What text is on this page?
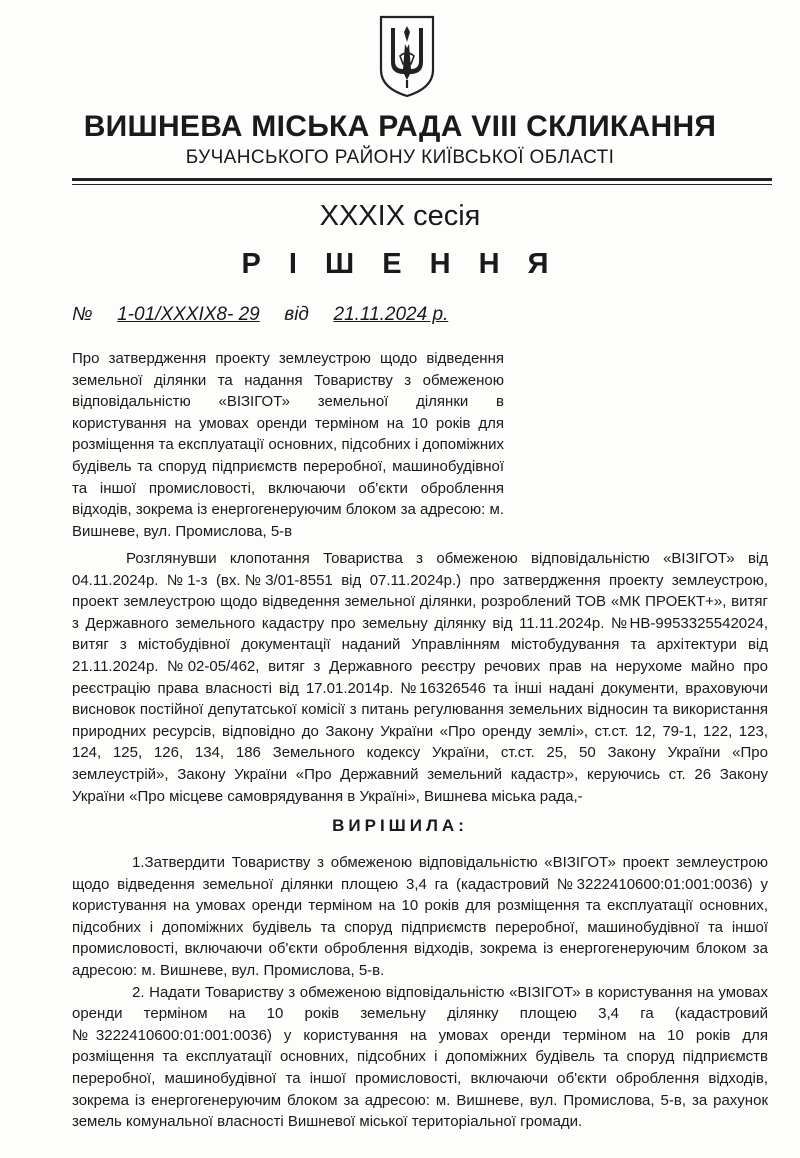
ВИШНЕВА МІСЬКА РАДА VIII СКЛИКАННЯ
БУЧАНСЬКОГО РАЙОНУ КИЇВСЬКОЇ ОБЛАСТІ
XXXIX сесія
Р І Ш Е Н Н Я
№ 1-01/XXXIX8- 29 від 21.11.2024 р.

Про затвердження проекту землеустрою щодо відведення земельної ділянки та надання Товариству з обмеженою відповідальністю «ВІЗІГОТ» земельної ділянки в користування на умовах оренди терміном на 10 років для розміщення та експлуатації основних, підсобних і допоміжних будівель та споруд підприємств переробної, машинобудівної та іншої промисловості, включаючи об'єкти оброблення відходів, зокрема із енергогенеруючим блоком за адресою: м. Вишневе, вул. Промислова, 5-в

Розглянувши клопотання Товариства з обмеженою відповідальністю «ВІЗІГОТ» від 04.11.2024р. №1-з (вх.№3/01-8551 від 07.11.2024р.) про затвердження проекту землеустрою, проект землеустрою щодо відведення земельної ділянки, розроблений ТОВ «МК ПРОЕКТ+», витяг з Державного земельного кадастру про земельну ділянку від 11.11.2024р. №НВ-9953325542024, витяг з містобудівної документації наданий Управлінням містобудування та архітектури від 21.11.2024р. №02-05/462, витяг з Державного реєстру речових прав на нерухоме майно про реєстрацію права власності від 17.01.2014р. №16326546 та інші надані документи, враховуючи висновок постійної депутатської комісії з питань регулювання земельних відносин та використання природних ресурсів, відповідно до Закону України «Про оренду землі», ст.ст. 12, 79-1, 122, 123, 124, 125, 126, 134, 186 Земельного кодексу України, ст.ст. 25, 50 Закону України «Про землеустрій», Закону України «Про Державний земельний кадастр», керуючись ст. 26 Закону України «Про місцеве самоврядування в Україні», Вишнева міська рада,-

ВИРІШИЛА:

1.Затвердити Товариству з обмеженою відповідальністю «ВІЗІГОТ» проект землеустрою щодо відведення земельної ділянки площею 3,4 га (кадастровий №3222410600:01:001:0036) у користування на умовах оренди терміном на 10 років для розміщення та експлуатації основних, підсобних і допоміжних будівель та споруд підприємств переробної, машинобудівної та іншої промисловості, включаючи об'єкти оброблення відходів, зокрема із енергогенеруючим блоком за адресою: м. Вишневе, вул. Промислова, 5-в.

2. Надати Товариству з обмеженою відповідальністю «ВІЗІГОТ» в користування на умовах оренди терміном на 10 років земельну ділянку площею 3,4 га (кадастровий №3222410600:01:001:0036) у користування на умовах оренди терміном на 10 років для розміщення та експлуатації основних, підсобних і допоміжних будівель та споруд підприємств переробної, машинобудівної та іншої промисловості, включаючи об'єкти оброблення відходів, зокрема із енергогенеруючим блоком за адресою: м. Вишневе, вул. Промислова, 5-в, за рахунок земель комунальної власності Вишневої міської територіальної громади.
